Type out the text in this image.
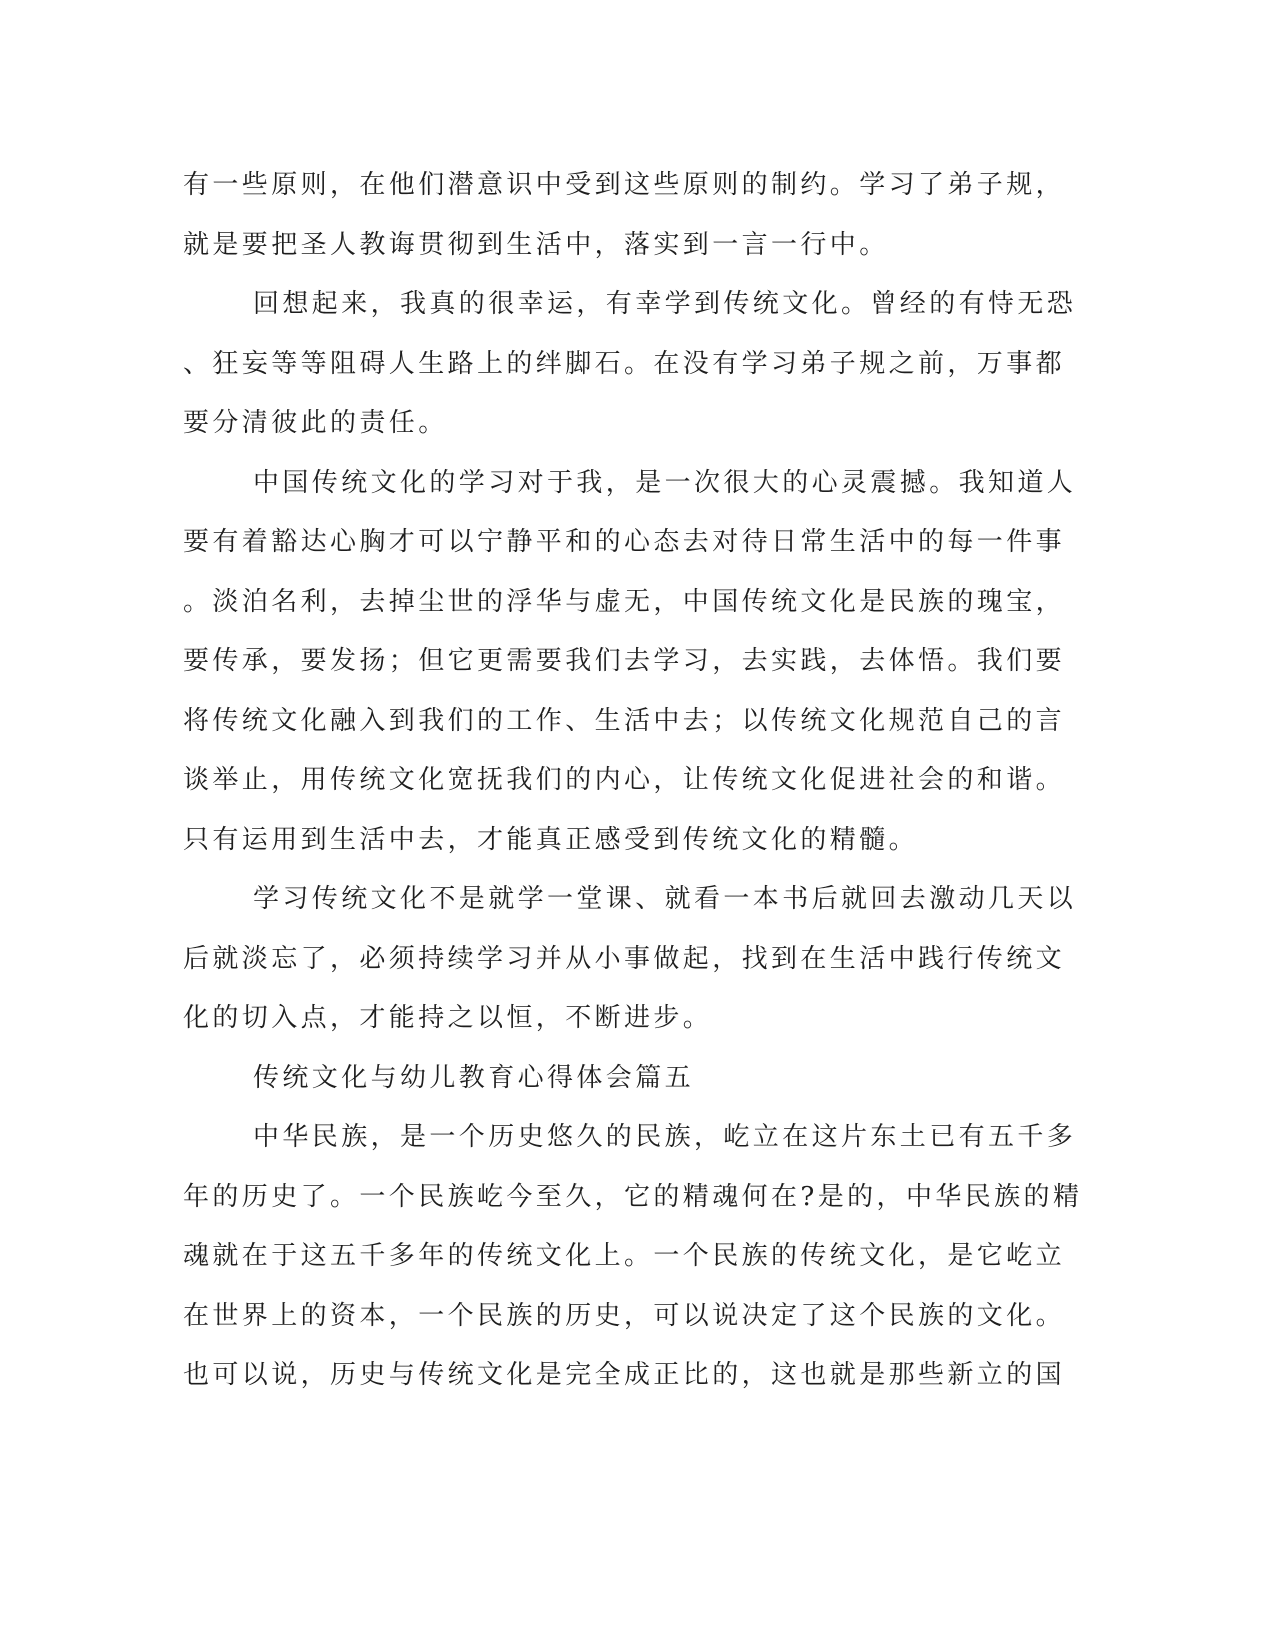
有一些原则，在他们潜意识中受到这些原则的制约。学习了弟子规，
就是要把圣人教诲贯彻到生活中，落实到一言一行中。
回想起来，我真的很幸运，有幸学到传统文化。曾经的有恃无恐
、狂妄等等阻碍人生路上的绊脚石。在没有学习弟子规之前，万事都
要分清彼此的责任。
中国传统文化的学习对于我，是一次很大的心灵震撼。我知道人
要有着豁达心胸才可以宁静平和的心态去对待日常生活中的每一件事
。淡泊名利，去掉尘世的浮华与虚无，中国传统文化是民族的瑰宝，
要传承，要发扬；但它更需要我们去学习，去实践，去体悟。我们要
将传统文化融入到我们的工作、生活中去；以传统文化规范自己的言
谈举止，用传统文化宽抚我们的内心，让传统文化促进社会的和谐。
只有运用到生活中去，才能真正感受到传统文化的精髓。
学习传统文化不是就学一堂课、就看一本书后就回去激动几天以
后就淡忘了，必须持续学习并从小事做起，找到在生活中践行传统文
化的切入点，才能持之以恒，不断进步。
传统文化与幼儿教育心得体会篇五
中华民族，是一个历史悠久的民族，屹立在这片东土已有五千多
年的历史了。一个民族屹今至久，它的精魂何在?是的，中华民族的精
魂就在于这五千多年的传统文化上。一个民族的传统文化，是它屹立
在世界上的资本，一个民族的历史，可以说决定了这个民族的文化。
也可以说，历史与传统文化是完全成正比的，这也就是那些新立的国
